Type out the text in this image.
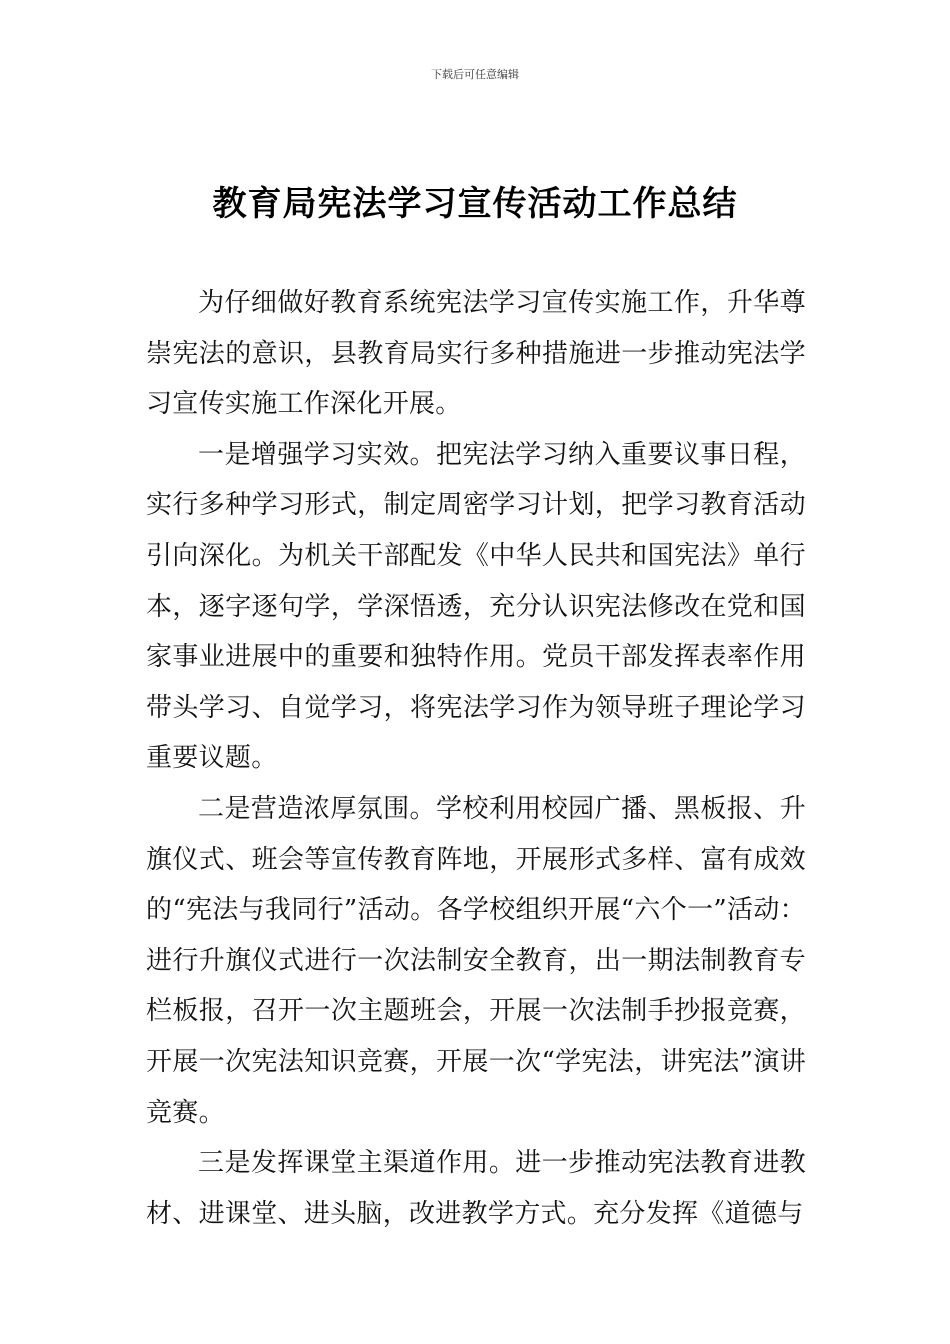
下载后可任意编辑
教育局宪法学习宣传活动工作总结

为仔细做好教育系统宪法学习宣传实施工作，升华尊崇宪法的意识，县教育局实行多种措施进一步推动宪法学习宣传实施工作深化开展。

一是增强学习实效。把宪法学习纳入重要议事日程，实行多种学习形式，制定周密学习计划，把学习教育活动引向深化。为机关干部配发《中华人民共和国宪法》单行本，逐字逐句学，学深悟透，充分认识宪法修改在党和国家事业进展中的重要和独特作用。党员干部发挥表率作用带头学习、自觉学习，将宪法学习作为领导班子理论学习重要议题。

二是营造浓厚氛围。学校利用校园广播、黑板报、升旗仪式、班会等宣传教育阵地，开展形式多样、富有成效的“宪法与我同行”活动。各学校组织开展“六个一”活动：进行升旗仪式进行一次法制安全教育，出一期法制教育专栏板报，召开一次主题班会，开展一次法制手抄报竞赛，开展一次宪法知识竞赛，开展一次“学宪法，讲宪法”演讲竞赛。

三是发挥课堂主渠道作用。进一步推动宪法教育进教材、进课堂、进头脑，改进教学方式。充分发挥《道德与
